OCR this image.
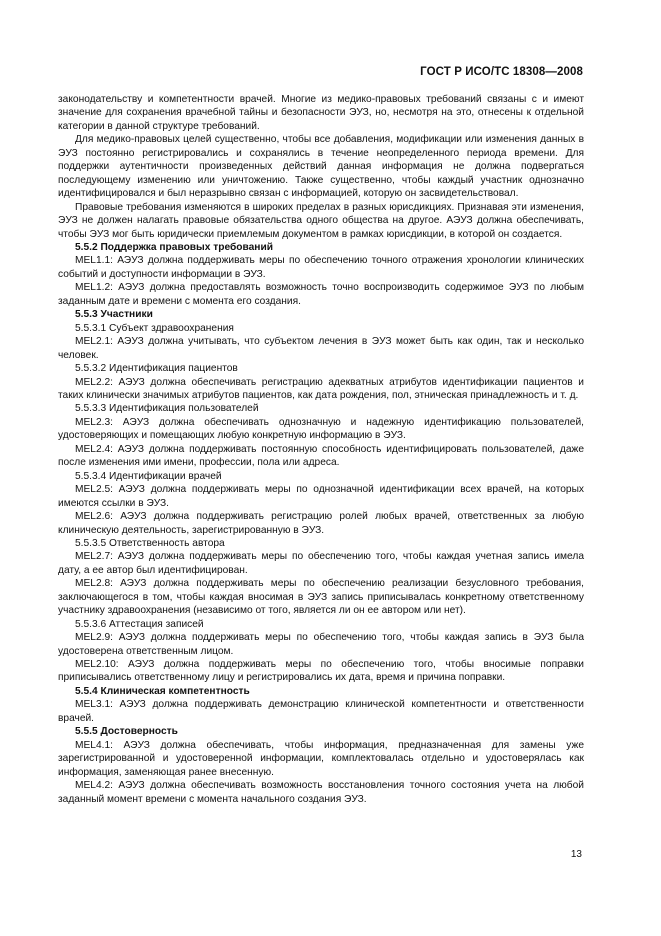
ГОСТ Р ИСО/ТС 18308—2008

законодательству и компетентности врачей. Многие из медико-правовых требований связаны с и имеют значение для сохранения врачебной тайны и безопасности ЭУЗ, но, несмотря на это, отнесены к отдельной категории в данной структуре требований.

Для медико-правовых целей существенно, чтобы все добавления, модификации или изменения данных в ЭУЗ постоянно регистрировались и сохранялись в течение неопределенного периода времени. Для поддержки аутентичности произведенных действий данная информация не должна подвергаться последующему изменению или уничтожению. Также существенно, чтобы каждый участник однозначно идентифицировался и был неразрывно связан с информацией, которую он засвидетельствовал.

Правовые требования изменяются в широких пределах в разных юрисдикциях. Признавая эти изменения, ЭУЗ не должен налагать правовые обязательства одного общества на другое. АЭУЗ должна обеспечивать, чтобы ЭУЗ мог быть юридически приемлемым документом в рамках юрисдикции, в которой он создается.

5.5.2 Поддержка правовых требований

MEL1.1: АЭУЗ должна поддерживать меры по обеспечению точного отражения хронологии клинических событий и доступности информации в ЭУЗ.

MEL1.2: АЭУЗ должна предоставлять возможность точно воспроизводить содержимое ЭУЗ по любым заданным дате и времени с момента его создания.

5.5.3 Участники

5.5.3.1 Субъект здравоохранения

MEL2.1: АЭУЗ должна учитывать, что субъектом лечения в ЭУЗ может быть как один, так и несколько человек.

5.5.3.2 Идентификация пациентов

MEL2.2: АЭУЗ должна обеспечивать регистрацию адекватных атрибутов идентификации пациентов и таких клинически значимых атрибутов пациентов, как дата рождения, пол, этническая принадлежность и т. д.

5.5.3.3 Идентификация пользователей

MEL2.3: АЭУЗ должна обеспечивать однозначную и надежную идентификацию пользователей, удостоверяющих и помещающих любую конкретную информацию в ЭУЗ.

MEL2.4: АЭУЗ должна поддерживать постоянную способность идентифицировать пользователей, даже после изменения ими имени, профессии, пола или адреса.

5.5.3.4 Идентификации врачей

MEL2.5: АЭУЗ должна поддерживать меры по однозначной идентификации всех врачей, на которых имеются ссылки в ЭУЗ.

MEL2.6: АЭУЗ должна поддерживать регистрацию ролей любых врачей, ответственных за любую клиническую деятельность, зарегистрированную в ЭУЗ.

5.5.3.5 Ответственность автора

MEL2.7: АЭУЗ должна поддерживать меры по обеспечению того, чтобы каждая учетная запись имела дату, а ее автор был идентифицирован.

MEL2.8: АЭУЗ должна поддерживать меры по обеспечению реализации безусловного требования, заключающегося в том, чтобы каждая вносимая в ЭУЗ запись приписывалась конкретному ответственному участнику здравоохранения (независимо от того, является ли он ее автором или нет).

5.5.3.6 Аттестация записей

MEL2.9: АЭУЗ должна поддерживать меры по обеспечению того, чтобы каждая запись в ЭУЗ была удостоверена ответственным лицом.

MEL2.10: АЭУЗ должна поддерживать меры по обеспечению того, чтобы вносимые поправки приписывались ответственному лицу и регистрировались их дата, время и причина поправки.

5.5.4 Клиническая компетентность

MEL3.1: АЭУЗ должна поддерживать демонстрацию клинической компетентности и ответственности врачей.

5.5.5 Достоверность

MEL4.1: АЭУЗ должна обеспечивать, чтобы информация, предназначенная для замены уже зарегистрированной и удостоверенной информации, комплектовалась отдельно и удостоверялась как информация, заменяющая ранее внесенную.

MEL4.2: АЭУЗ должна обеспечивать возможность восстановления точного состояния учета на любой заданный момент времени с момента начального создания ЭУЗ.

13
